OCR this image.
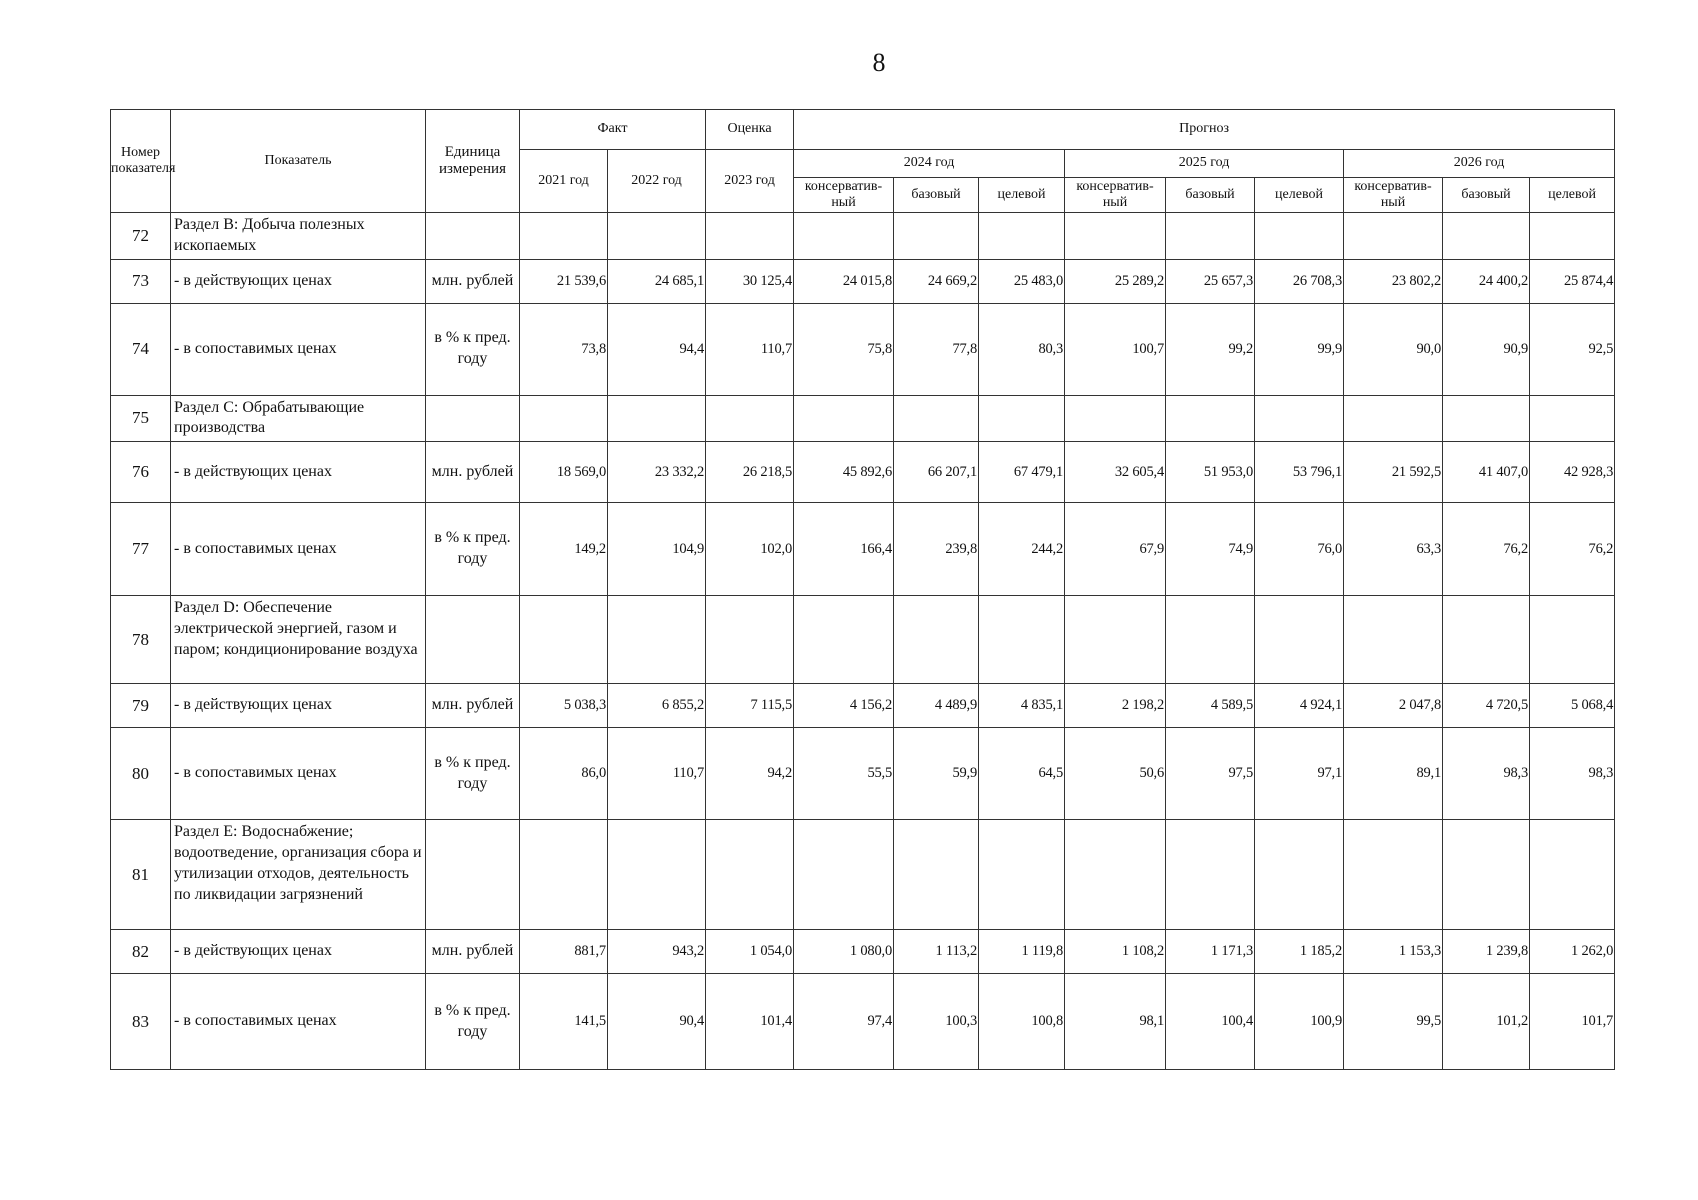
8
Номер показателя	Показатель	Единица измерения	Факт		Оценка	Прогноз								
			2021 год	2022 год	2023 год	2024 год			2025 год			2026 год		
						консерватив-ный	базовый	целевой	консерватив-ный	базовый	целевой	консерватив-ный	базовый	целевой
72	Раздел B: Добыча полезных ископаемых													
73	- в действующих ценах	млн. рублей	21 539,6	24 685,1	30 125,4	24 015,8	24 669,2	25 483,0	25 289,2	25 657,3	26 708,3	23 802,2	24 400,2	25 874,4
74	- в сопоставимых ценах	в % к пред. году	73,8	94,4	110,7	75,8	77,8	80,3	100,7	99,2	99,9	90,0	90,9	92,5
75	Раздел C: Обрабатывающие производства													
76	- в действующих ценах	млн. рублей	18 569,0	23 332,2	26 218,5	45 892,6	66 207,1	67 479,1	32 605,4	51 953,0	53 796,1	21 592,5	41 407,0	42 928,3
77	- в сопоставимых ценах	в % к пред. году	149,2	104,9	102,0	166,4	239,8	244,2	67,9	74,9	76,0	63,3	76,2	76,2
78	Раздел D: Обеспечение электрической энергией, газом и паром; кондиционирование воздуха													
79	- в действующих ценах	млн. рублей	5 038,3	6 855,2	7 115,5	4 156,2	4 489,9	4 835,1	2 198,2	4 589,5	4 924,1	2 047,8	4 720,5	5 068,4
80	- в сопоставимых ценах	в % к пред. году	86,0	110,7	94,2	55,5	59,9	64,5	50,6	97,5	97,1	89,1	98,3	98,3
81	Раздел E: Водоснабжение; водоотведение, организация сбора и утилизации отходов, деятельность по ликвидации загрязнений													
82	- в действующих ценах	млн. рублей	881,7	943,2	1 054,0	1 080,0	1 113,2	1 119,8	1 108,2	1 171,3	1 185,2	1 153,3	1 239,8	1 262,0
83	- в сопоставимых ценах	в % к пред. году	141,5	90,4	101,4	97,4	100,3	100,8	98,1	100,4	100,9	99,5	101,2	101,7
